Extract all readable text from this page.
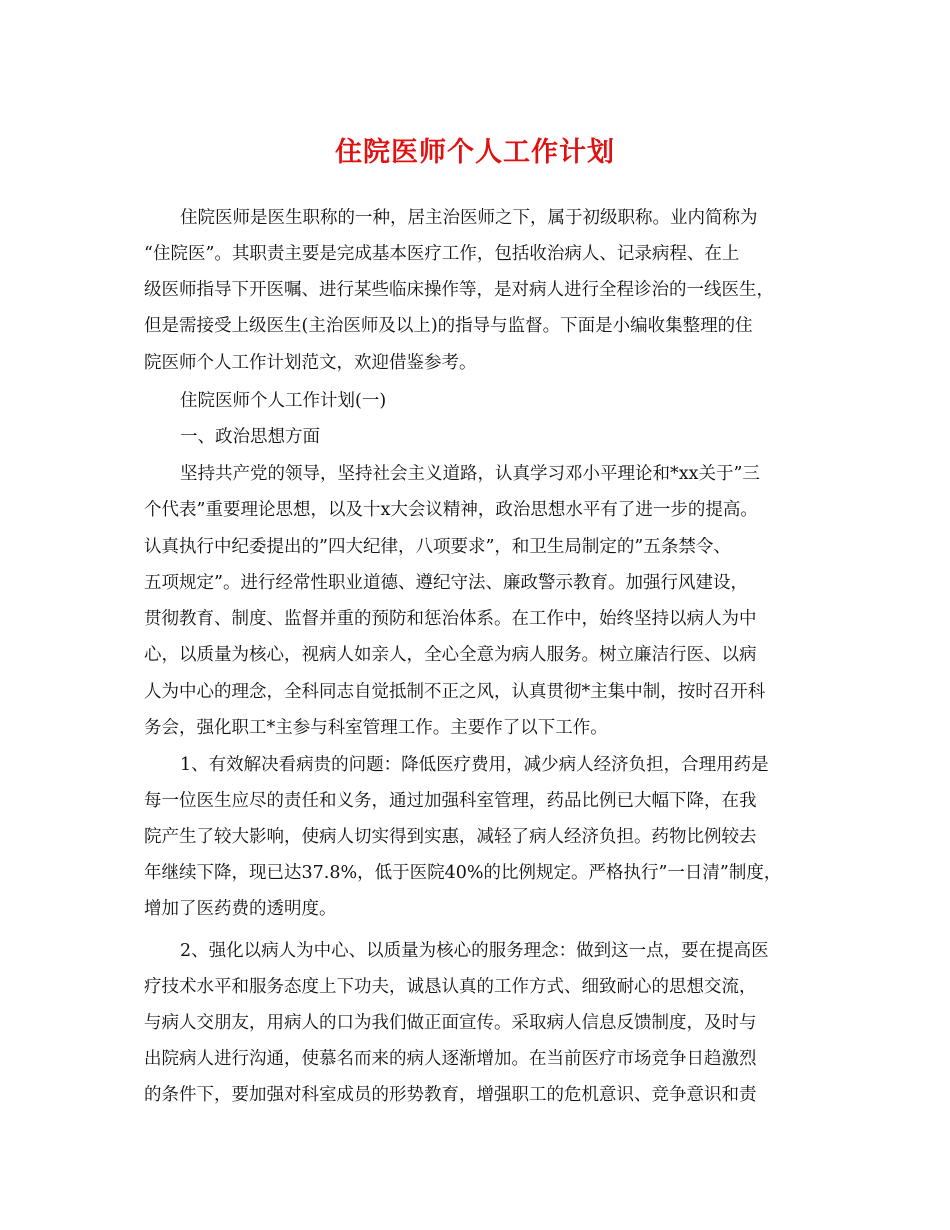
住院医师个人工作计划

住院医师是医生职称的一种，居主治医师之下，属于初级职称。业内简称为

“住院医”。其职责主要是完成基本医疗工作，包括收治病人、记录病程、在上

级医师指导下开医嘱、进行某些临床操作等，是对病人进行全程诊治的一线医生，

但是需接受上级医生(主治医师及以上)的指导与监督。下面是小编收集整理的住

院医师个人工作计划范文，欢迎借鉴参考。

住院医师个人工作计划(一)

一、政治思想方面

坚持共产党的领导，坚持社会主义道路，认真学习邓小平理论和*xx关于”三

个代表”重要理论思想，以及十x大会议精神，政治思想水平有了进一步的提高。

认真执行中纪委提出的”四大纪律，八项要求”，和卫生局制定的”五条禁令、

五项规定”。进行经常性职业道德、遵纪守法、廉政警示教育。加强行风建设，

贯彻教育、制度、监督并重的预防和惩治体系。在工作中，始终坚持以病人为中

心，以质量为核心，视病人如亲人，全心全意为病人服务。树立廉洁行医、以病

人为中心的理念，全科同志自觉抵制不正之风，认真贯彻*主集中制，按时召开科

务会，强化职工*主参与科室管理工作。主要作了以下工作。

1、有效解决看病贵的问题：降低医疗费用，减少病人经济负担，合理用药是

每一位医生应尽的责任和义务，通过加强科室管理，药品比例已大幅下降，在我

院产生了较大影响，使病人切实得到实惠，减轻了病人经济负担。药物比例较去

年继续下降，现已达37.8%，低于医院40%的比例规定。严格执行”一日清”制度，

增加了医药费的透明度。

2、强化以病人为中心、以质量为核心的服务理念：做到这一点，要在提高医

疗技术水平和服务态度上下功夫，诚恳认真的工作方式、细致耐心的思想交流，

与病人交朋友，用病人的口为我们做正面宣传。采取病人信息反馈制度，及时与

出院病人进行沟通，使慕名而来的病人逐渐增加。在当前医疗市场竞争日趋激烈

的条件下，要加强对科室成员的形势教育，增强职工的危机意识、竞争意识和责
